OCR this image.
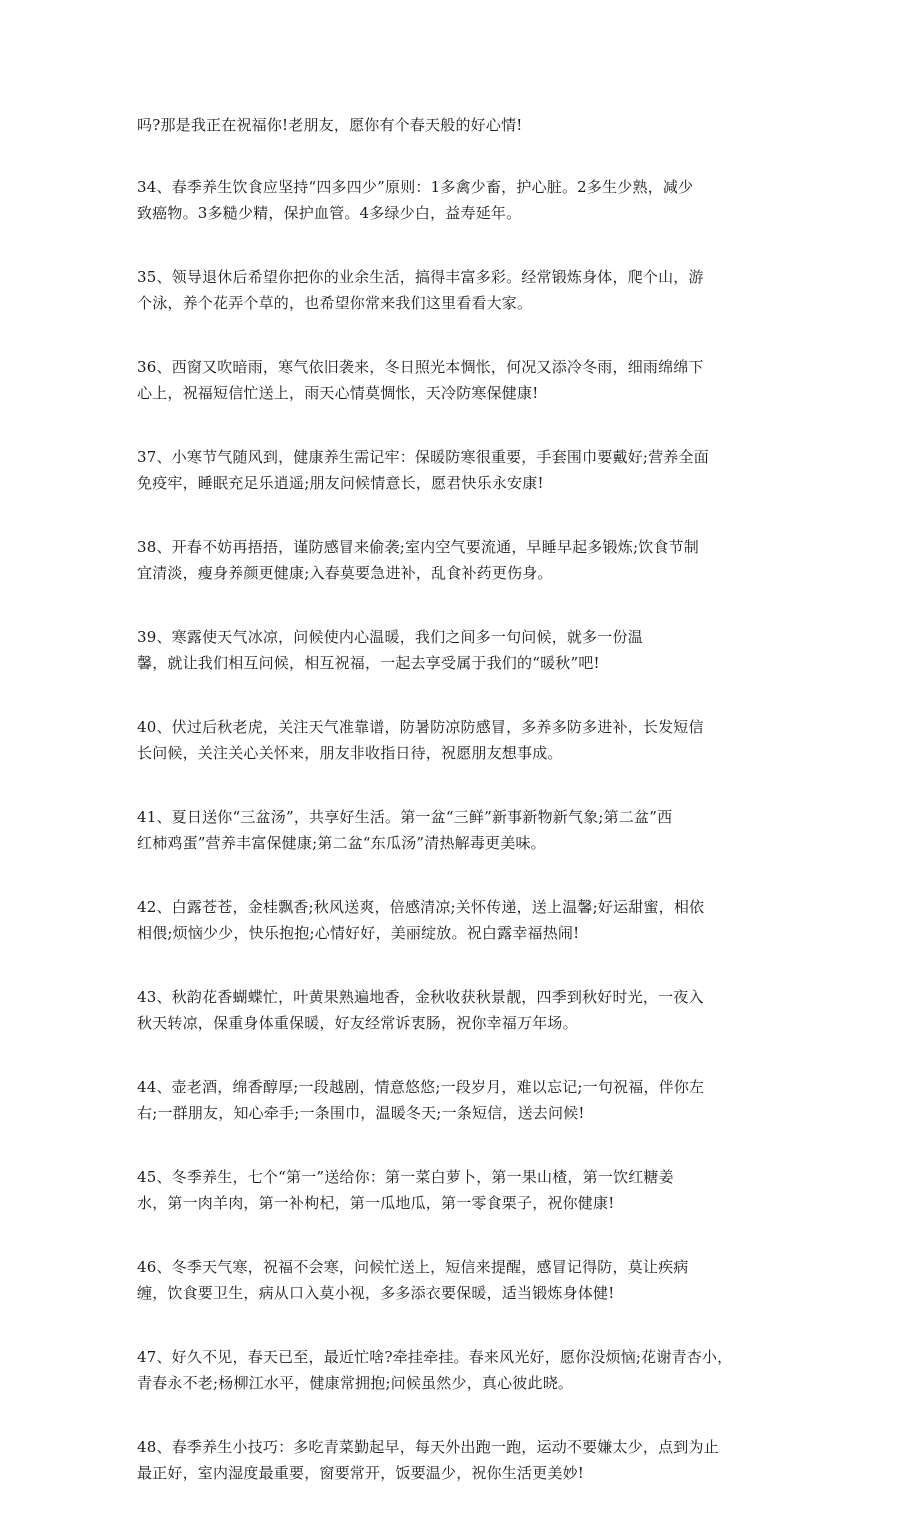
吗?那是我正在祝福你!老朋友，愿你有个春天般的好心情!
34、春季养生饮食应坚持“四多四少”原则：1多禽少畜，护心脏。2多生少熟，减少
致癌物。3多糙少精，保护血管。4多绿少白，益寿延年。
35、领导退休后希望你把你的业余生活，搞得丰富多彩。经常锻炼身体，爬个山，游
个泳，养个花弄个草的，也希望你常来我们这里看看大家。
36、西窗又吹暗雨，寒气依旧袭来，冬日照光本惆怅，何况又添冷冬雨，细雨绵绵下
心上，祝福短信忙送上，雨天心情莫惆怅，天冷防寒保健康!
37、小寒节气随风到，健康养生需记牢：保暖防寒很重要，手套围巾要戴好;营养全面
免疫牢，睡眠充足乐逍遥;朋友问候情意长，愿君快乐永安康!
38、开春不妨再捂捂，谨防感冒来偷袭;室内空气要流通，早睡早起多锻炼;饮食节制
宜清淡，瘦身养颜更健康;入春莫要急进补，乱食补药更伤身。
39、寒露使天气冰凉，问候使内心温暖，我们之间多一句问候，就多一份温
馨，就让我们相互问候，相互祝福，一起去享受属于我们的“暖秋”吧!
40、伏过后秋老虎，关注天气准靠谱，防暑防凉防感冒，多养多防多进补，长发短信
长问候，关注关心关怀来，朋友非收指日待，祝愿朋友想事成。
41、夏日送你“三盆汤”，共享好生活。第一盆“三鲜”新事新物新气象;第二盆”西
红柿鸡蛋”营养丰富保健康;第二盆“东瓜汤”清热解毒更美味。
42、白露苍苍，金桂飘香;秋风送爽，倍感清凉;关怀传递，送上温馨;好运甜蜜，相依
相偎;烦恼少少，快乐抱抱;心情好好，美丽绽放。祝白露幸福热闹!
43、秋韵花香蝴蝶忙，叶黄果熟遍地香，金秋收获秋景靓，四季到秋好时光，一夜入
秋天转凉，保重身体重保暖，好友经常诉衷肠，祝你幸福万年场。
44、壶老酒，绵香醇厚;一段越剧，情意悠悠;一段岁月，难以忘记;一句祝福，伴你左
右;一群朋友，知心牵手;一条围巾，温暖冬天;一条短信，送去问候!
45、冬季养生，七个“第一”送给你：第一菜白萝卜，第一果山楂，第一饮红糖姜
水，第一肉羊肉，第一补枸杞，第一瓜地瓜，第一零食栗子，祝你健康!
46、冬季天气寒，祝福不会寒，问候忙送上，短信来提醒，感冒记得防，莫让疾病
缠，饮食要卫生，病从口入莫小视，多多添衣要保暖，适当锻炼身体健!
47、好久不见，春天已至，最近忙啥?牵挂牵挂。春来风光好，愿你没烦恼;花谢青杏小，
青春永不老;杨柳江水平，健康常拥抱;问候虽然少，真心彼此晓。
48、春季养生小技巧：多吃青菜勤起早，每天外出跑一跑，运动不要嫌太少，点到为止
最正好，室内湿度最重要，窗要常开，饭要温少，祝你生活更美妙!
